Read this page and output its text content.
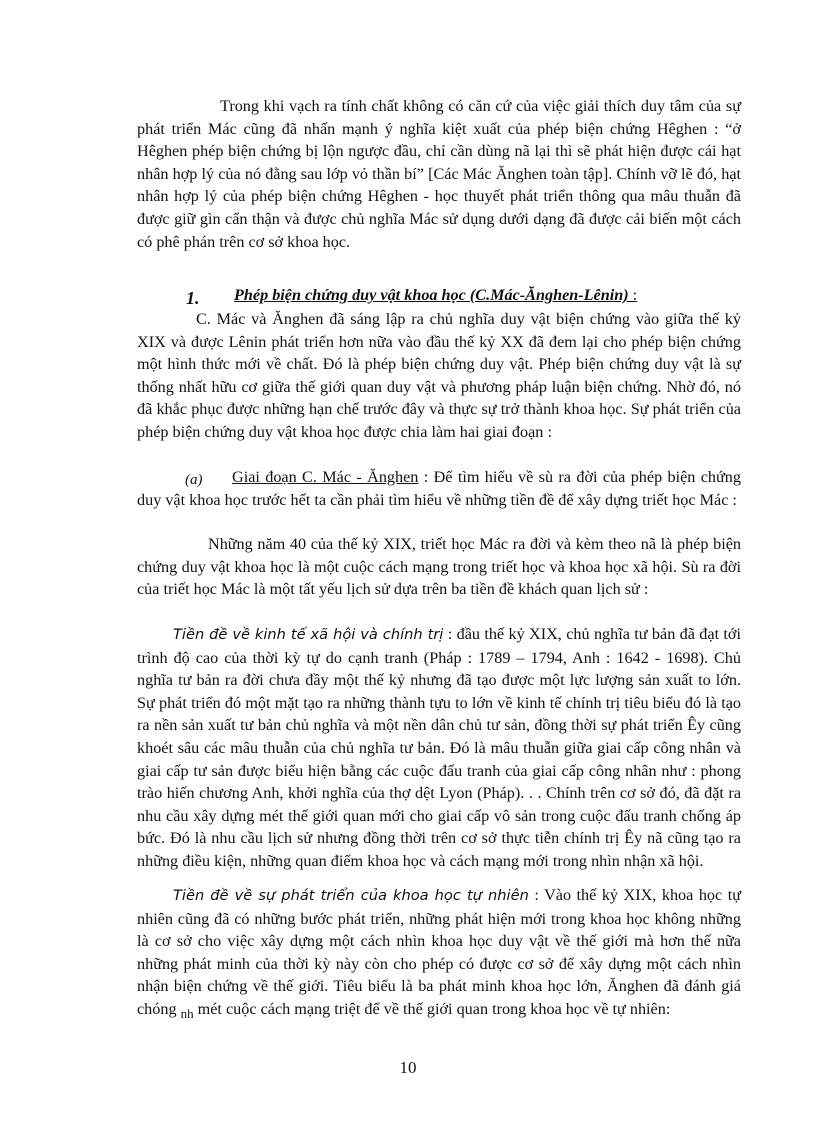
Trong khi vạch ra tính chất không có căn cứ của việc giải thích duy tâm của sự phát triển Mác cũng đã nhấn mạnh ý nghĩa kiệt xuất của phép biện chứng Hêghen : “ở Hêghen phép biện chứng bị lộn ngược đầu, chỉ cần dùng nã lại thì sẽ phát hiện được cái hạt nhân hợp lý của nó đằng sau lớp vỏ thần bí” [Các Mác Ănghen toàn tập]. Chính vỡ lẽ đó, hạt nhân hợp lý của phép biện chứng Hêghen - học thuyết phát triển thông qua mâu thuẫn đã được giữ gìn cẩn thận và được chủ nghĩa Mác sử dụng dưới dạng đã được cải biến một cách có phê phán trên cơ sở khoa học.
1. Phép biện chứng duy vật khoa học (C.Mác-Ănghen-Lênin) :
C. Mác và Ănghen đã sáng lập ra chủ nghĩa duy vật biện chứng vào giữa thế kỷ XIX và được Lênin phát triển hơn nữa vào đầu thế kỷ XX đã đem lại cho phép biện chứng một hình thức mới về chất. Đó là phép biện chứng duy vật. Phép biện chứng duy vật là sự thống nhất hữu cơ giữa thế giới quan duy vật và phương pháp luận biện chứng. Nhờ đó, nó đã khắc phục được những hạn chế trước đây và thực sự trở thành khoa học. Sự phát triển của phép biện chứng duy vật khoa học được chia làm hai giai đoạn :
(a)	Giai đoạn C. Mác - Ănghen : Để tìm hiểu về sù ra đời của phép biện chứng duy vật khoa học trước hết ta cần phải tìm hiểu về những tiền đề để xây dựng triết học Mác :
Những năm 40 của thế kỷ XIX, triết học Mác ra đời và kèm theo nã là phép biện chứng duy vật khoa học là một cuộc cách mạng trong triết học và khoa học xã hội. Sù ra đời của triết học Mác là một tất yếu lịch sử dựa trên ba tiền đề khách quan lịch sử :
Tiền đề về kinh tế xã hội và chính trị : đầu thế kỷ XIX, chủ nghĩa tư bản đã đạt tới trình độ cao của thời kỳ tự do cạnh tranh (Pháp : 1789 – 1794, Anh : 1642 - 1698). Chủ nghĩa tư bản ra đời chưa đầy một thế kỷ nhưng đã tạo được một lực lượng sản xuất to lớn. Sự phát triển đó một mặt tạo ra những thành tựu to lớn về kinh tế chính trị tiêu biểu đó là tạo ra nền sản xuất tư bản chủ nghĩa và một nền dân chủ tư sản, đồng thời sự phát triển Êy cũng khoét sâu các mâu thuẫn của chủ nghĩa tư bản. Đó là mâu thuẫn giữa giai cấp công nhân và giai cấp tư sản được biểu hiện bằng các cuộc đấu tranh của giai cấp công nhân như : phong trào hiến chương Anh, khởi nghĩa của thợ dệt Lyon (Pháp). . . Chính trên cơ sở đó, đã đặt ra nhu cầu xây dựng mét thế giới quan mới cho giai cấp vô sản trong cuộc đấu tranh chống áp bức. Đó là nhu cầu lịch sử nhưng đồng thời trên cơ sở thực tiễn chính trị Êy nã cũng tạo ra những điều kiện, những quan điểm khoa học và cách mạng mới trong nhìn nhận xã hội.
Tiền đề về sự phát triển của khoa học tự nhiên : Vào thế kỷ XIX, khoa học tự nhiên cũng đã có những bước phát triển, những phát hiện mới trong khoa học không những là cơ sở cho việc xây dựng một cách nhìn khoa học duy vật về thế giới mà hơn thế nữa những phát minh của thời kỳ này còn cho phép có được cơ sở để xây dựng một cách nhìn nhận biện chứng về thế giới. Tiêu biểu là ba phát minh khoa học lớn, Ănghen đã đánh giá chóng $_{nh}$ mét cuộc cách mạng triệt để về thế giới quan trong khoa học về tự nhiên:
10
